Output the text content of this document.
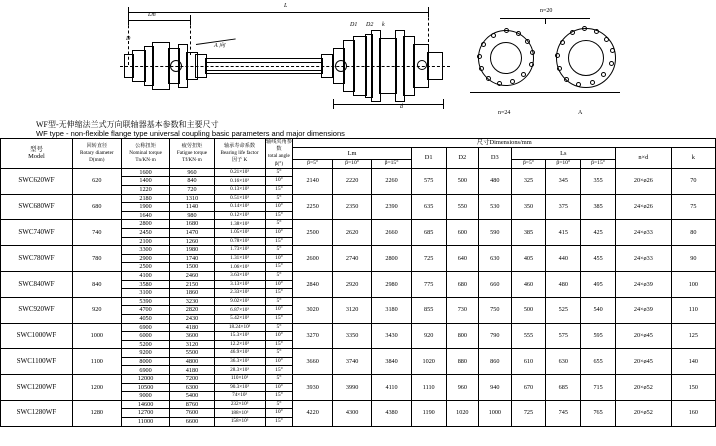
Lm
L
A 向
n=20
n=24	A
D
D1 D2 k
d
WF型-无伸缩法兰式万向联轴器基本参数和主要尺寸
WF type - non-flexible flange type universal coupling basic parameters and major dimensions
型号
Model

回转直径
Rotary diameter
D(mm)

公称扭矩
Nominal torque
Tn/KN·m

疲劳扭矩
Fatigue torque
Tf/KN·m

轴承寿命系数
Bearing life factor
因子 K

轴线夹角参数
total angle
β(°)
	尺寸Dimensions/mm
						Lm			D1	D2	D3	Ls			n×d	k
						β=5°	β=10°	β=15°				β=5°	β=10°	β=15°		
SWC620WF	620	1600	960	0.21×10³	5°	2140	2220	2260	575	500	480	325	345	355	20×ø26	70
		1400	840	0.16×10³	10°											
		1220	720	0.13×10³	15°											
SWC680WF	680	2180	1310	0.51×10³	5°	2250	2350	2390	635	550	530	350	375	385	24×ø26	75
		1900	1140	0.14×10³	10°											
		1640	980	0.12×10³	15°											
SWC740WF	740	2800	1680	1.38×10³	5°	2500	2620	2660	685	600	590	385	415	425	24×ø33	80
		2450	1470	1.05×10³	10°											
		2100	1260	0.78×10³	15°											
SWC780WF	780	3300	1980	1.73×10³	5°	2600	2740	2800	725	640	630	405	440	455	24×ø33	90
		2900	1740	1.31×10³	10°											
		2500	1500	1.06×10³	15°											
SWC840WF	840	4100	2460	3.63×10³	5°	2840	2920	2980	775	680	660	460	480	495	24×ø39	100
		3580	2150	3.13×10³	10°											
		3100	1860	2.33×10³	15°											
SWC920WF	920	5390	3230	9.02×10³	5°	3020	3120	3180	855	730	750	500	525	540	24×ø39	110
		4700	2820	6.87×10³	10°											
		4050	2430	5.42×10³	15°											
SWC1000WF	1000	6900	4180	18.24×10³	5°	3270	3350	3430	920	800	790	555	575	595	20×ø45	125
		6000	3600	15.3×10³	10°											
		5200	3120	12.2×10³	15°											
SWC1100WF	1100	9200	5500	46.9×10³	5°	3660	3740	3840	1020	880	860	610	630	655	20×ø45	140
		8000	4800	36.3×10³	10°											
		6900	4180	28.3×10³	15°											
SWC1200WF	1200	12000	7200	110×10³	5°	3930	3990	4110	1110	960	940	670	685	715	20×ø52	150
		10500	6300	90.3×10³	10°											
		9000	5400	74×10³	15°											
SWC1280WF	1280	14600	8760	232×10³	5°	4220	4300	4380	1190	1020	1000	725	745	765	20×ø52	160
		12700	7600	188×10³	10°											
		11000	6600	158×10³	15°											
